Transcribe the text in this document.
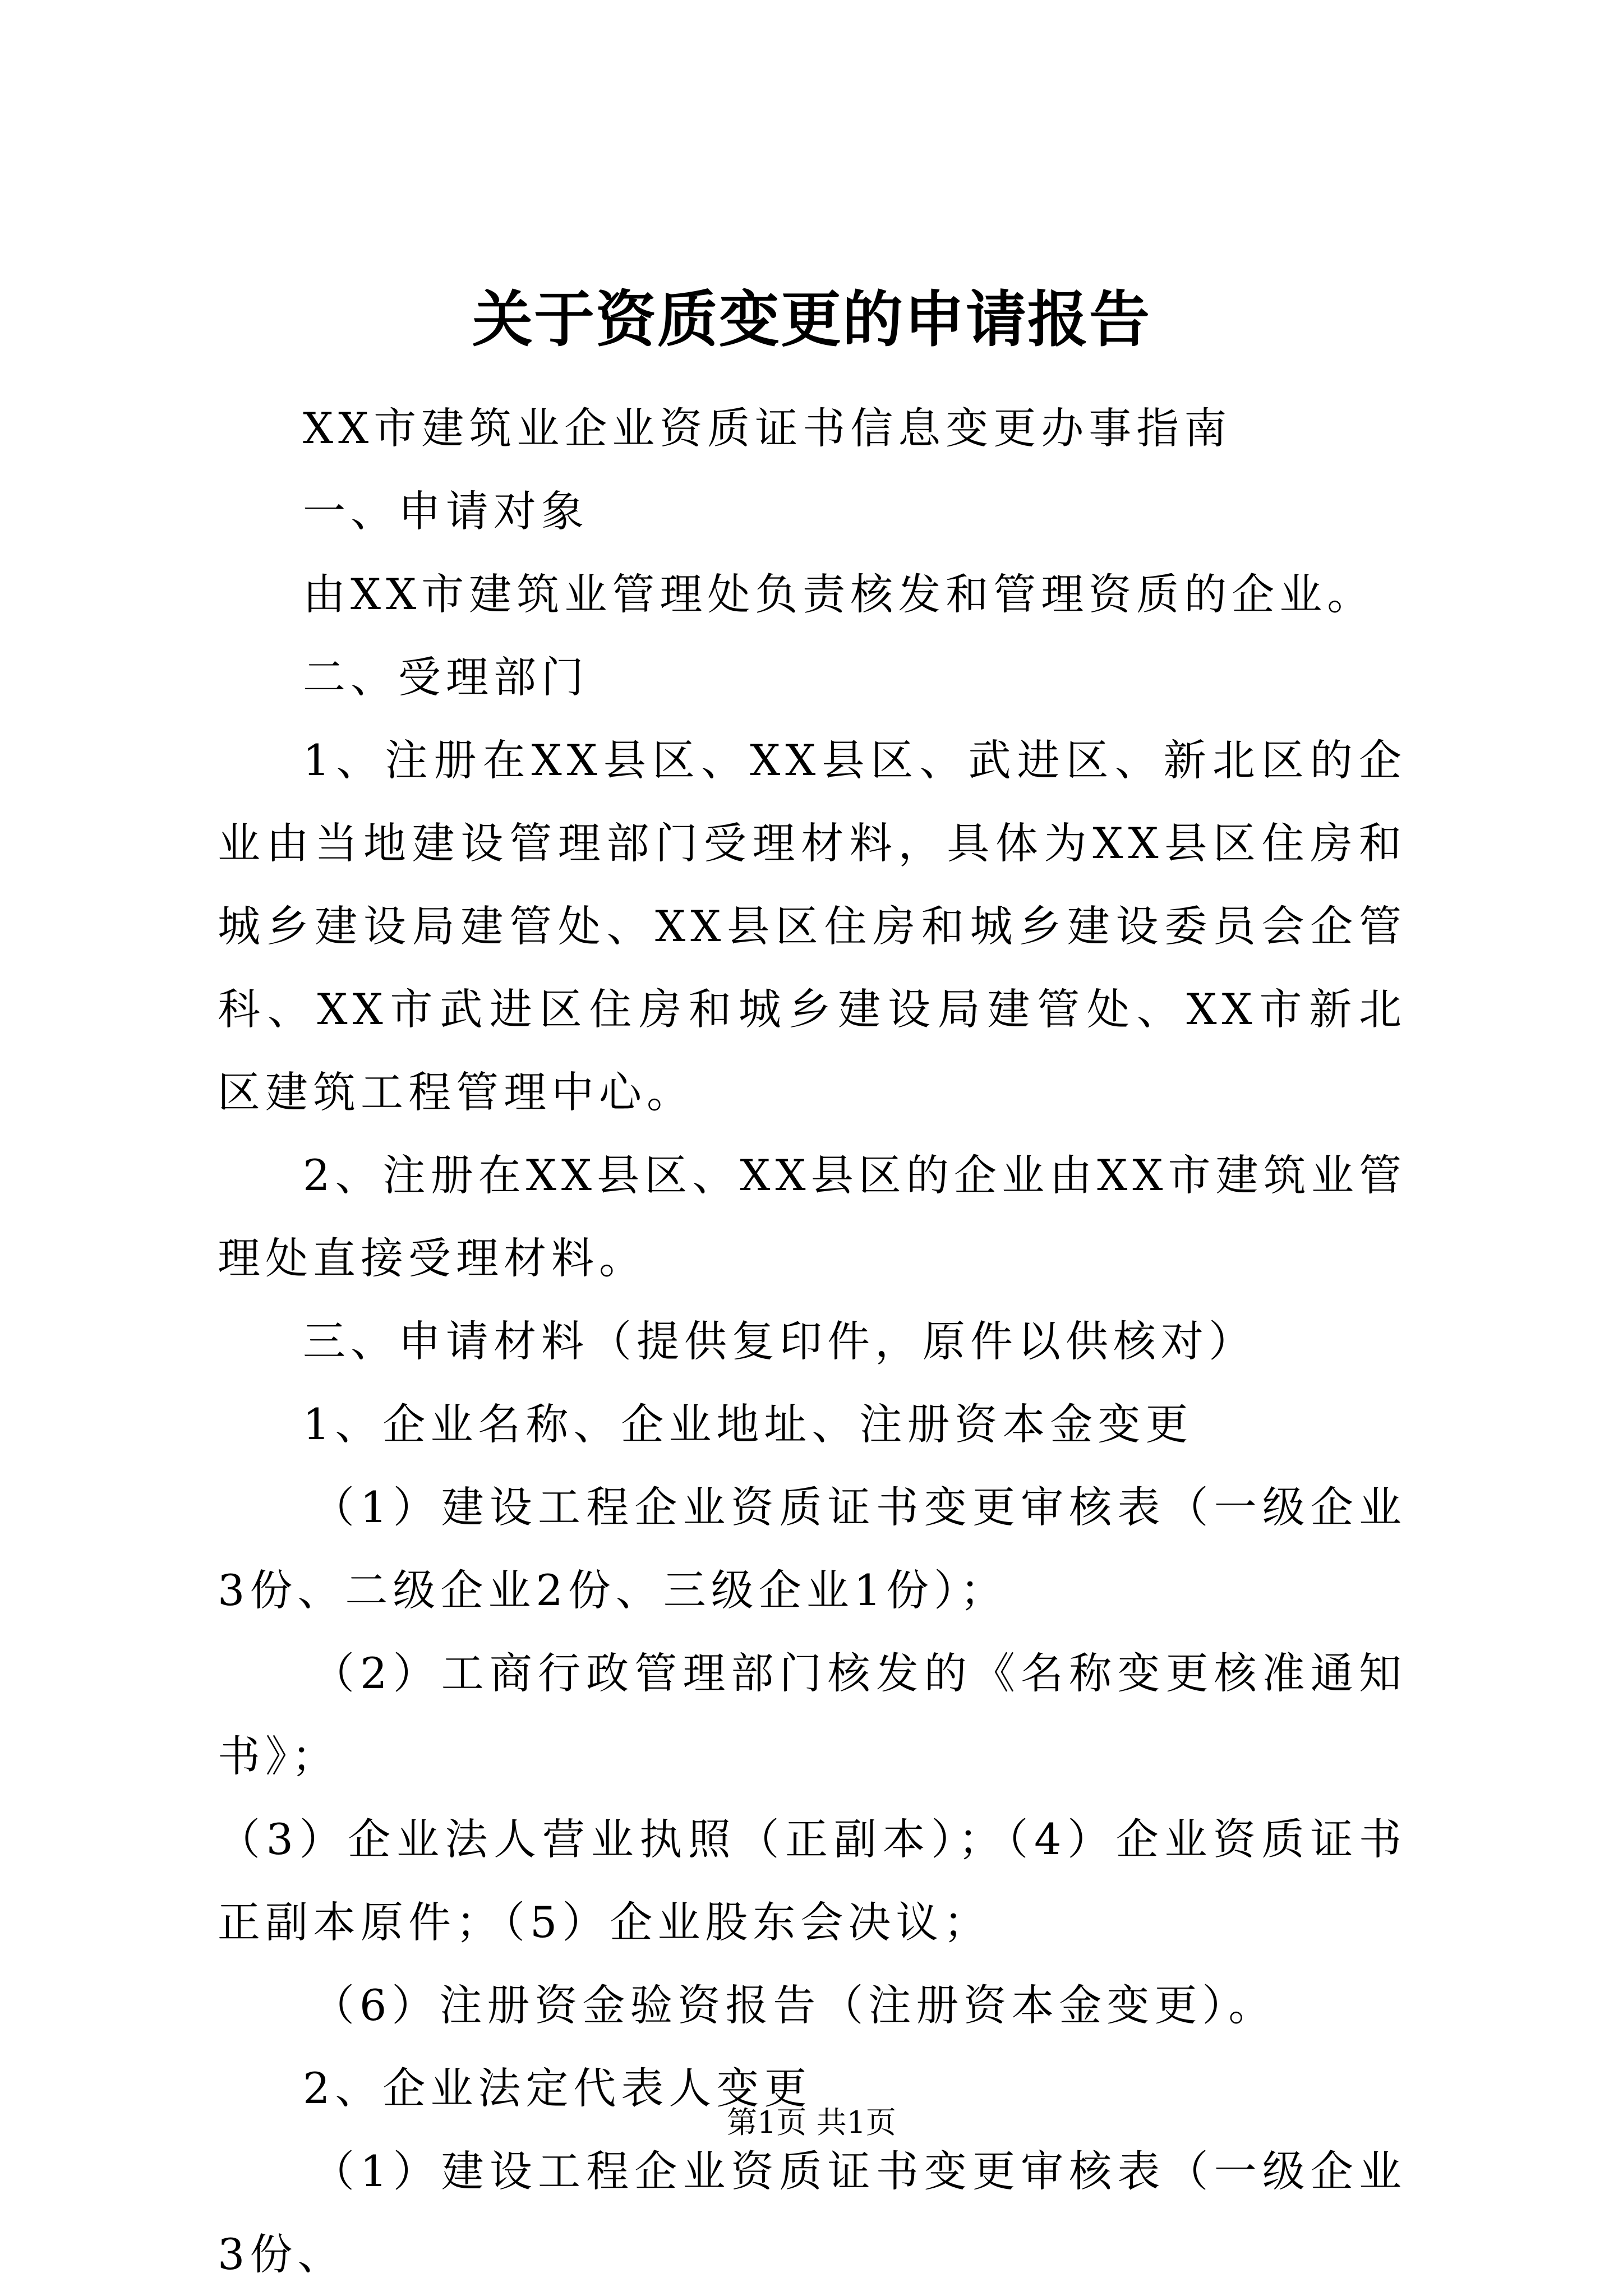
关于资质变更的申请报告

XX市建筑业企业资质证书信息变更办事指南

一、申请对象

由XX市建筑业管理处负责核发和管理资质的企业。

二、受理部门

1、注册在XX县区、XX县区、武进区、新北区的企业由当地建设管理部门受理材料，具体为XX县区住房和城乡建设局建管处、XX县区住房和城乡建设委员会企管科、XX市武进区住房和城乡建设局建管处、XX市新北区建筑工程管理中心。

2、注册在XX县区、XX县区的企业由XX市建筑业管理处直接受理材料。

三、申请材料（提供复印件，原件以供核对）

1、企业名称、企业地址、注册资本金变更

（1）建设工程企业资质证书变更审核表（一级企业3份、二级企业2份、三级企业1份）；

（2）工商行政管理部门核发的《名称变更核准通知书》；

（3）企业法人营业执照（正副本）；（4）企业资质证书正副本原件；（5）企业股东会决议；

（6）注册资金验资报告（注册资本金变更）。

2、企业法定代表人变更

（1）建设工程企业资质证书变更审核表（一级企业3份、

第1页 共1页
